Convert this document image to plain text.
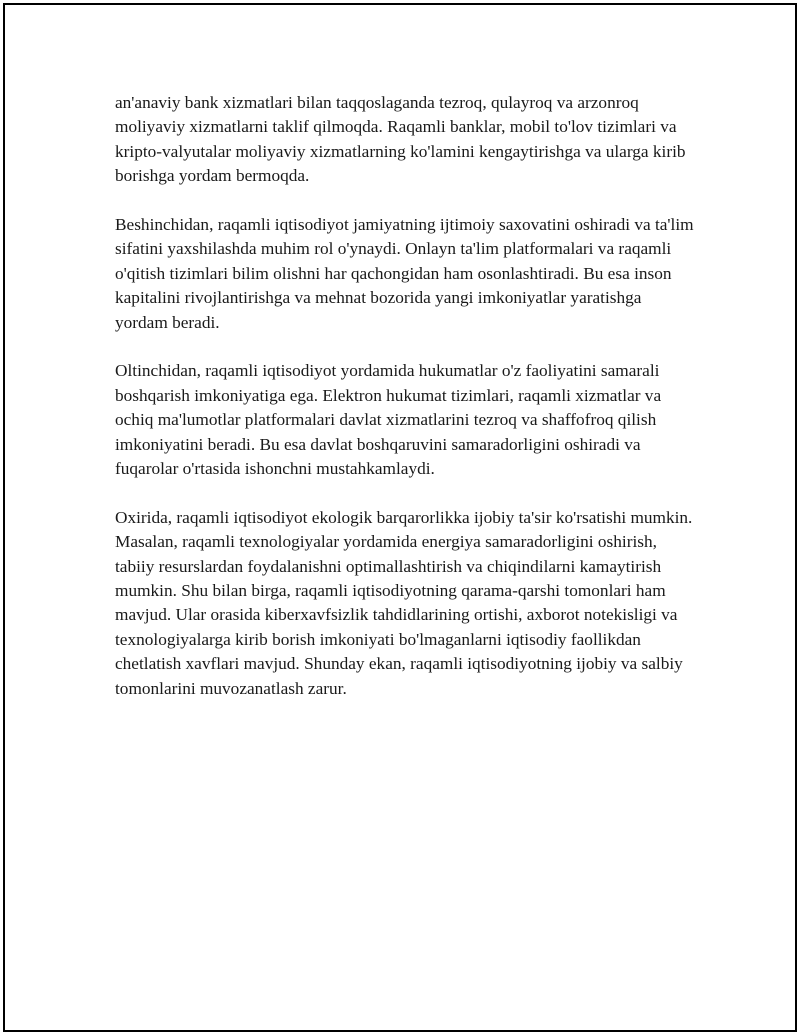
an'anaviy bank xizmatlari bilan taqqoslaganda tezroq, qulayroq va arzonroq moliyaviy xizmatlarni taklif qilmoqda. Raqamli banklar, mobil to'lov tizimlari va kripto-valyutalar moliyaviy xizmatlarning ko'lamini kengaytirishga va ularga kirib borishga yordam bermoqda.

Beshinchidan, raqamli iqtisodiyot jamiyatning ijtimoiy saxovatini oshiradi va ta'lim sifatini yaxshilashda muhim rol o'ynaydi. Onlayn ta'lim platformalari va raqamli o'qitish tizimlari bilim olishni har qachongidan ham osonlashtiradi. Bu esa inson kapitalini rivojlantirishga va mehnat bozorida yangi imkoniyatlar yaratishga yordam beradi.

Oltinchidan, raqamli iqtisodiyot yordamida hukumatlar o'z faoliyatini samarali boshqarish imkoniyatiga ega. Elektron hukumat tizimlari, raqamli xizmatlar va ochiq ma'lumotlar platformalari davlat xizmatlarini tezroq va shaffofroq qilish imkoniyatini beradi. Bu esa davlat boshqaruvini samaradorligini oshiradi va fuqarolar o'rtasida ishonchni mustahkamlaydi.

Oxirida, raqamli iqtisodiyot ekologik barqarorlikka ijobiy ta'sir ko'rsatishi mumkin. Masalan, raqamli texnologiyalar yordamida energiya samaradorligini oshirish, tabiiy resurslardan foydalanishni optimallashtirish va chiqindilarni kamaytirish mumkin. Shu bilan birga, raqamli iqtisodiyotning qarama-qarshi tomonlari ham mavjud. Ular orasida kiberxavfsizlik tahdidlarining ortishi, axborot notekisligi va texnologiyalarga kirib borish imkoniyati bo'lmaganlarni iqtisodiy faollikdan chetlatish xavflari mavjud. Shunday ekan, raqamli iqtisodiyotning ijobiy va salbiy tomonlarini muvozanatlash zarur.
